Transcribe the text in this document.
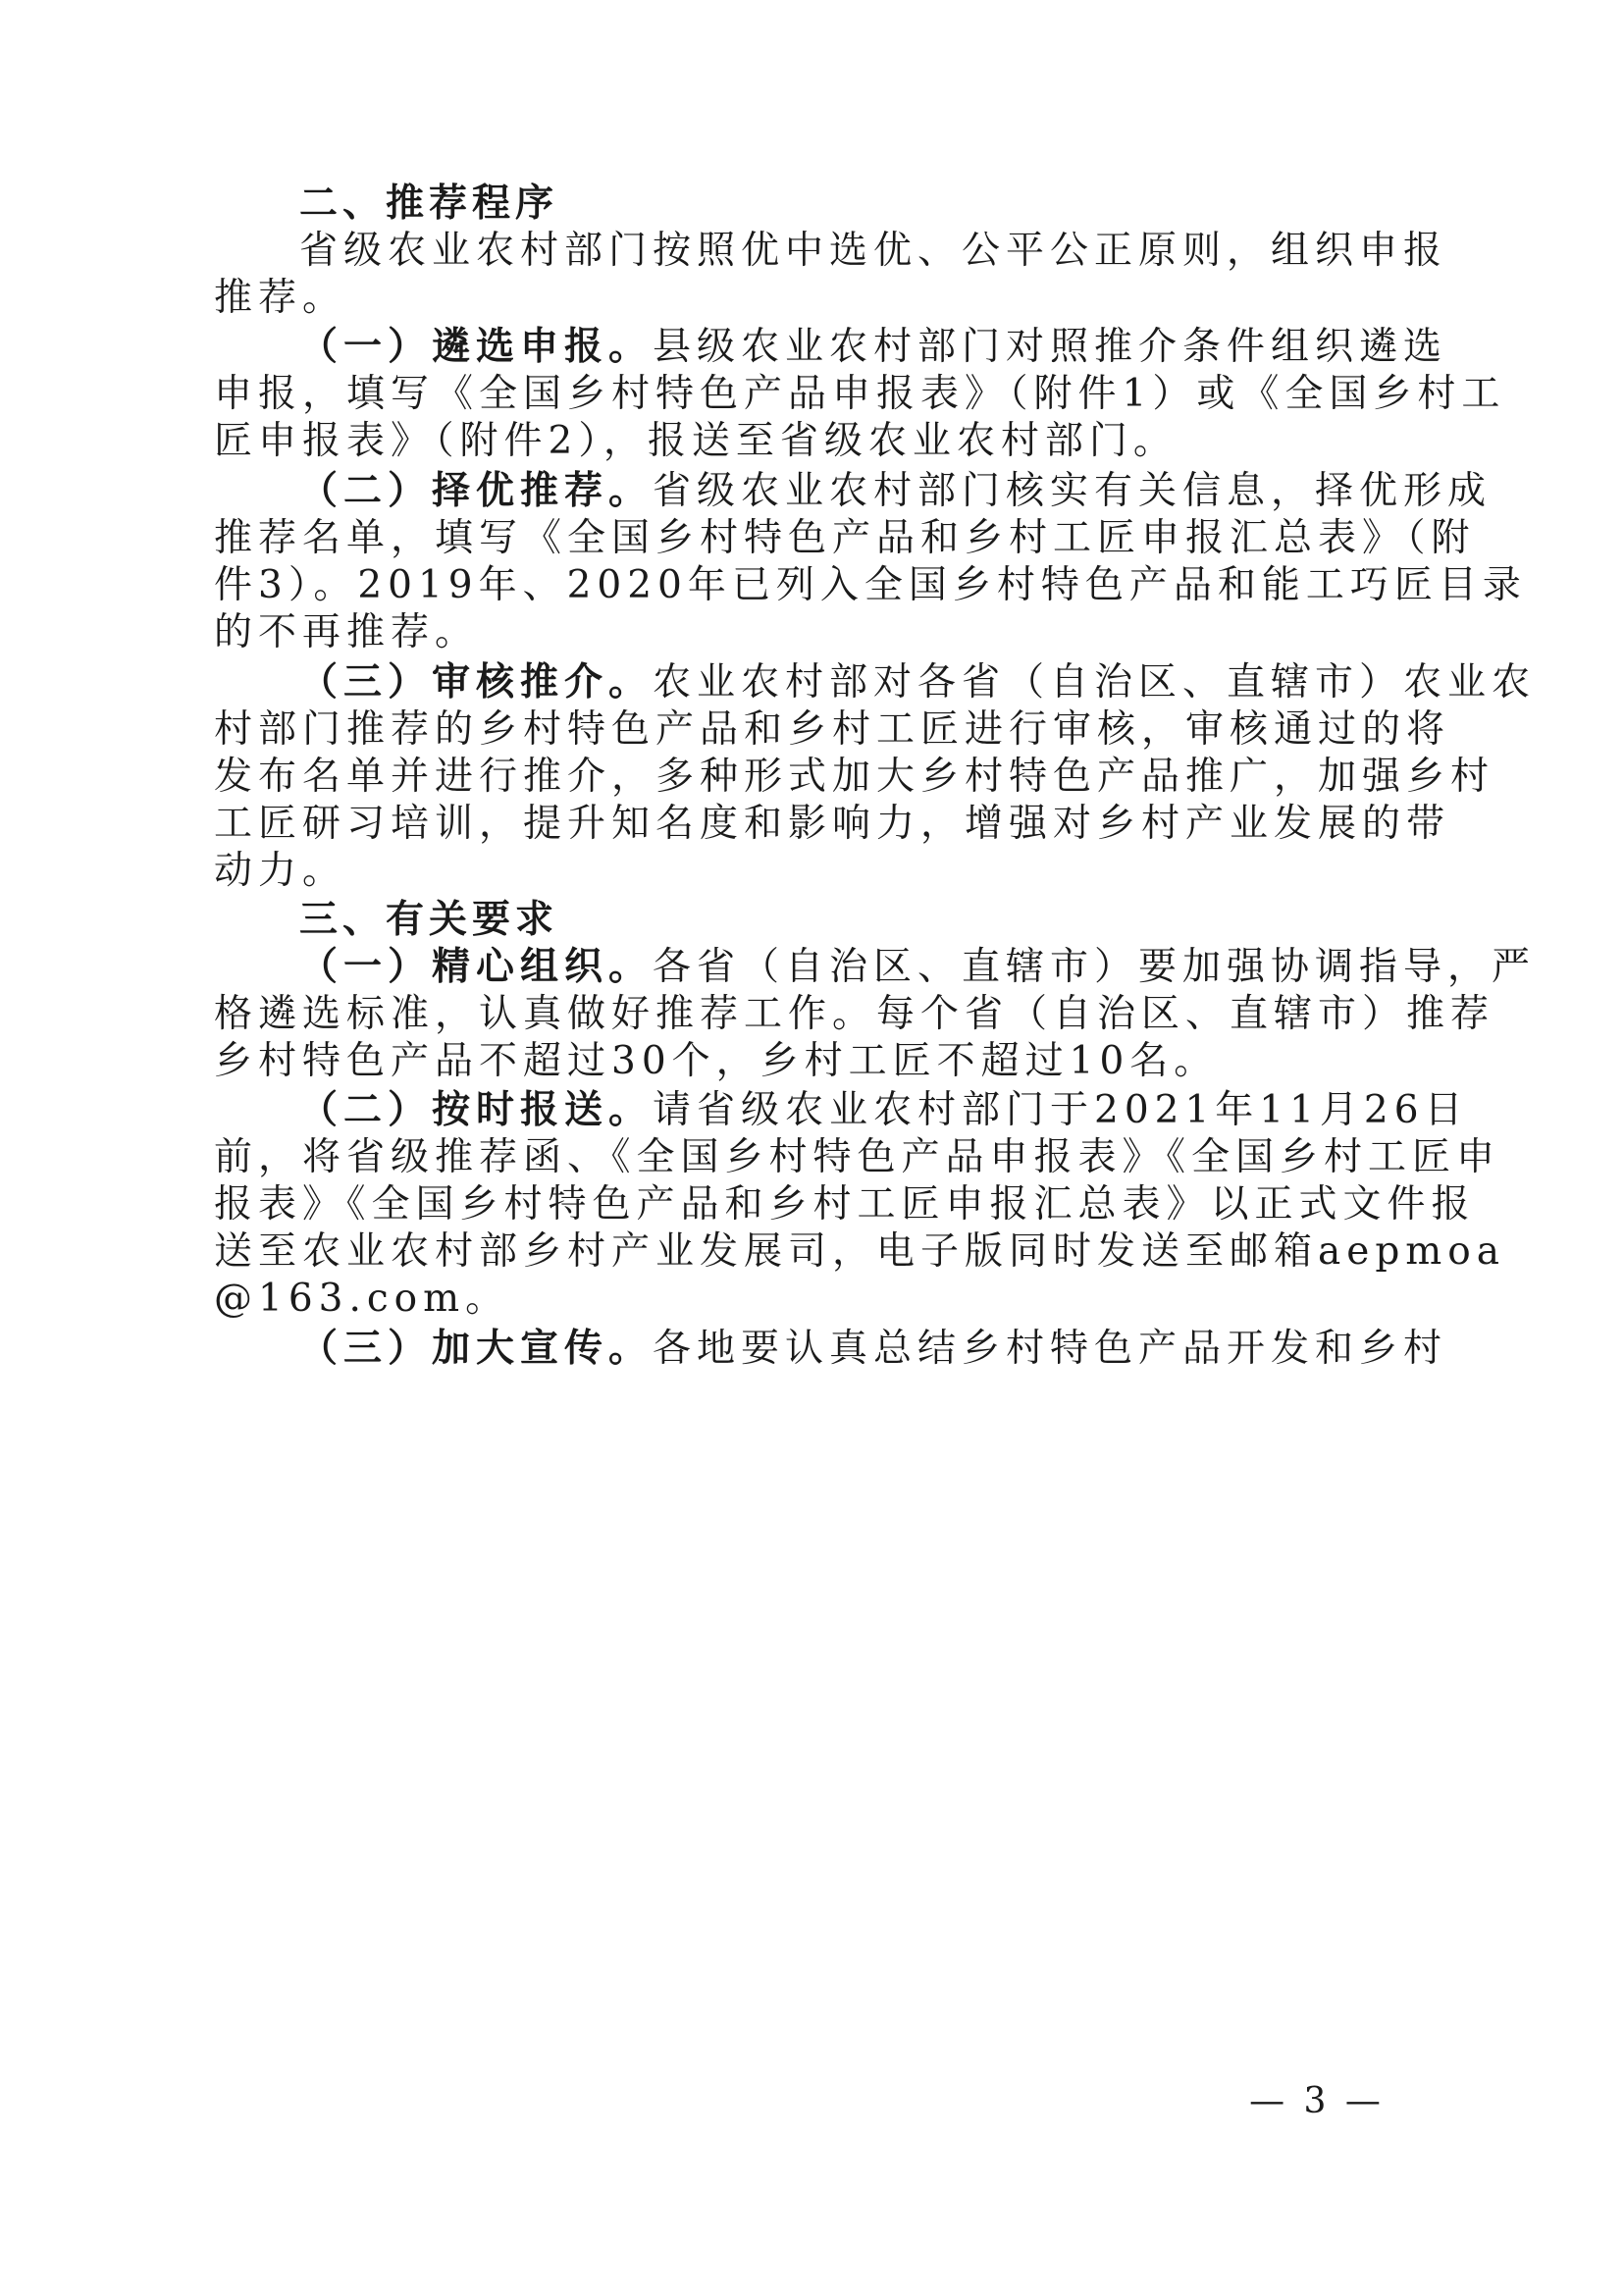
二、推荐程序
省级农业农村部门按照优中选优、公平公正原则，组织申报
推荐。
（一）遴选申报。县级农业农村部门对照推介条件组织遴选
申报，填写《全国乡村特色产品申报表》（附件1）或《全国乡村工
匠申报表》（附件2），报送至省级农业农村部门。
（二）择优推荐。省级农业农村部门核实有关信息，择优形成
推荐名单，填写《全国乡村特色产品和乡村工匠申报汇总表》（附
件3）。2019年、2020年已列入全国乡村特色产品和能工巧匠目录
的不再推荐。
（三）审核推介。农业农村部对各省（自治区、直辖市）农业农
村部门推荐的乡村特色产品和乡村工匠进行审核，审核通过的将
发布名单并进行推介，多种形式加大乡村特色产品推广，加强乡村
工匠研习培训，提升知名度和影响力，增强对乡村产业发展的带
动力。
三、有关要求
（一）精心组织。各省（自治区、直辖市）要加强协调指导，严
格遴选标准，认真做好推荐工作。每个省（自治区、直辖市）推荐
乡村特色产品不超过30个，乡村工匠不超过10名。
（二）按时报送。请省级农业农村部门于2021年11月26日
前，将省级推荐函、《全国乡村特色产品申报表》《全国乡村工匠申
报表》《全国乡村特色产品和乡村工匠申报汇总表》以正式文件报
送至农业农村部乡村产业发展司，电子版同时发送至邮箱aepmoa
@163.com。
（三）加大宣传。各地要认真总结乡村特色产品开发和乡村
— 3 —
